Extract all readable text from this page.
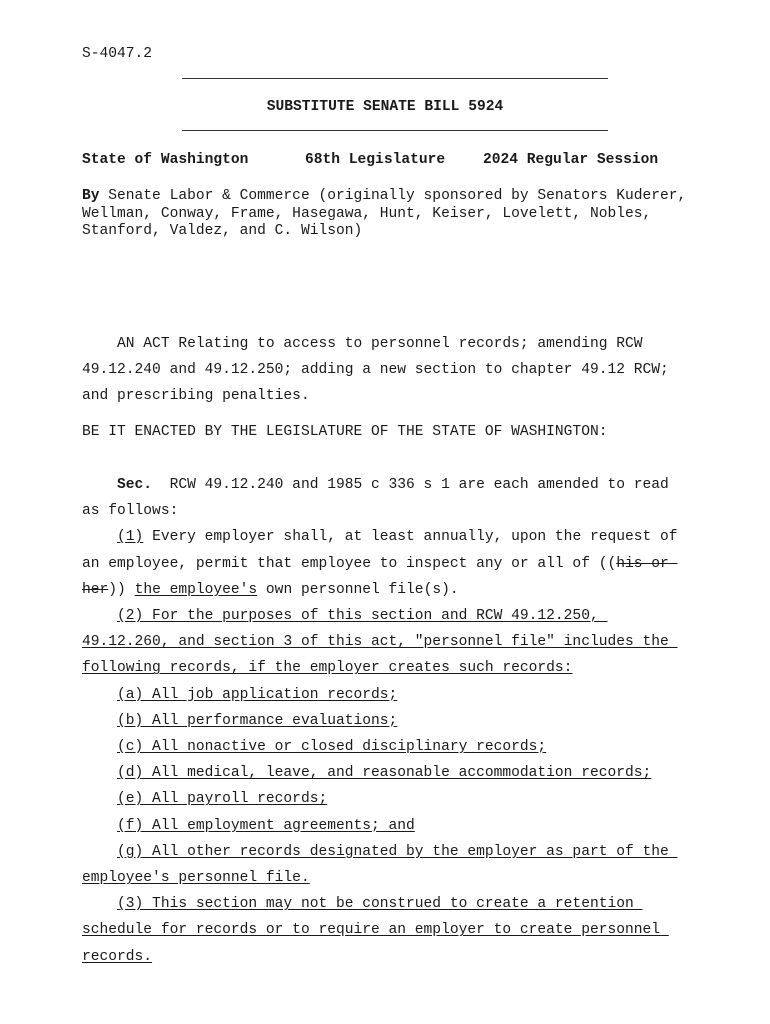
S-4047.2
SUBSTITUTE SENATE BILL 5924
State of Washington	68th Legislature	2024 Regular Session
By Senate Labor & Commerce (originally sponsored by Senators Kuderer,
Wellman, Conway, Frame, Hasegawa, Hunt, Keiser, Lovelett, Nobles,
Stanford, Valdez, and C. Wilson)
AN ACT Relating to access to personnel records; amending RCW
49.12.240 and 49.12.250; adding a new section to chapter 49.12 RCW;
and prescribing penalties.
BE IT ENACTED BY THE LEGISLATURE OF THE STATE OF WASHINGTON:
Sec.  RCW 49.12.240 and 1985 c 336 s 1 are each amended to read
as follows:
(1) Every employer shall, at least annually, upon the request of
an employee, permit that employee to inspect any or all of ((his or
her)) the employee's own personnel file(s).
(2) For the purposes of this section and RCW 49.12.250,
49.12.260, and section 3 of this act, "personnel file" includes the
following records, if the employer creates such records:
(a) All job application records;
(b) All performance evaluations;
(c) All nonactive or closed disciplinary records;
(d) All medical, leave, and reasonable accommodation records;
(e) All payroll records;
(f) All employment agreements; and
(g) All other records designated by the employer as part of the
employee's personnel file.
(3) This section may not be construed to create a retention
schedule for records or to require an employer to create personnel
records.
